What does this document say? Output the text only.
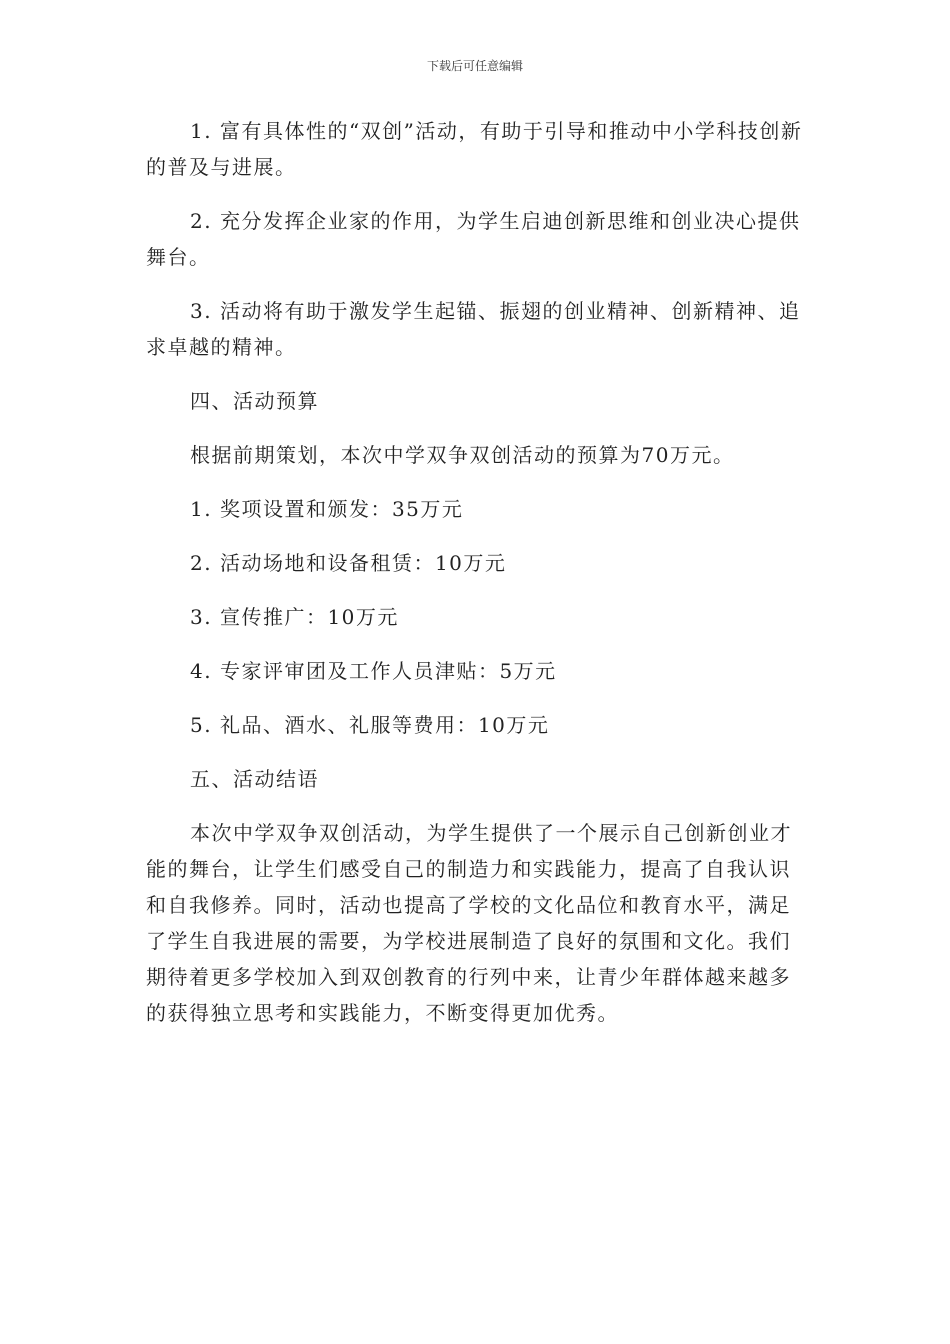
下载后可任意编辑

1. 富有具体性的“双创”活动，有助于引导和推动中小学科技创新的普及与进展。

2. 充分发挥企业家的作用，为学生启迪创新思维和创业决心提供舞台。

3. 活动将有助于激发学生起锚、振翅的创业精神、创新精神、追求卓越的精神。

四、活动预算

根据前期策划，本次中学双争双创活动的预算为70万元。

1. 奖项设置和颁发：35万元

2. 活动场地和设备租赁：10万元

3. 宣传推广：10万元

4. 专家评审团及工作人员津贴：5万元

5. 礼品、酒水、礼服等费用：10万元

五、活动结语

本次中学双争双创活动，为学生提供了一个展示自己创新创业才能的舞台，让学生们感受自己的制造力和实践能力，提高了自我认识和自我修养。同时，活动也提高了学校的文化品位和教育水平，满足了学生自我进展的需要，为学校进展制造了良好的氛围和文化。我们期待着更多学校加入到双创教育的行列中来，让青少年群体越来越多的获得独立思考和实践能力，不断变得更加优秀。
